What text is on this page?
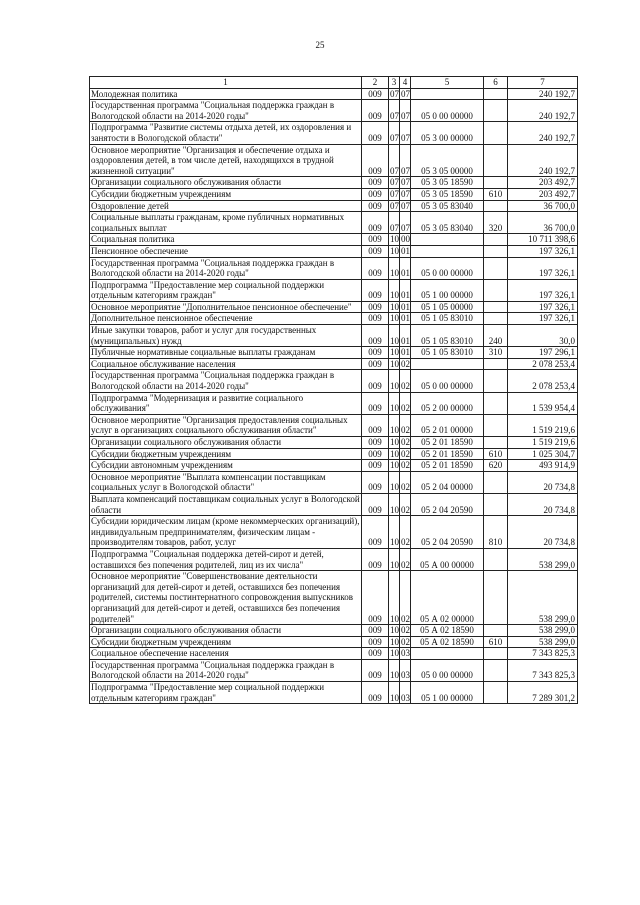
25
1	2	3	4	5	6	7
Молодежная политика	009	07	07			240 192,7
Государственная программа "Социальная поддержка граждан в Вологодской области на 2014-2020 годы"	009	07	07	05 0 00 00000		240 192,7
Подпрограмма "Развитие системы отдыха детей, их оздоровления и занятости в Вологодской области"	009	07	07	05 3 00 00000		240 192,7
Основное мероприятие "Организация и обеспечение отдыха и оздоровления детей, в том числе детей, находящихся в трудной жизненной ситуации"	009	07	07	05 3 05 00000		240 192,7
Организации социального обслуживания области	009	07	07	05 3 05 18590		203 492,7
Субсидии бюджетным учреждениям	009	07	07	05 3 05 18590	610	203 492,7
Оздоровление детей	009	07	07	05 3 05 83040		36 700,0
Социальные выплаты гражданам, кроме публичных нормативных социальных выплат	009	07	07	05 3 05 83040	320	36 700,0
Социальная политика	009	10	00			10 711 398,6
Пенсионное обеспечение	009	10	01			197 326,1
Государственная программа "Социальная поддержка граждан в Вологодской области на 2014-2020 годы"	009	10	01	05 0 00 00000		197 326,1
Подпрограмма "Предоставление мер социальной поддержки отдельным категориям граждан"	009	10	01	05 1 00 00000		197 326,1
Основное мероприятие "Дополнительное пенсионное обеспечение"	009	10	01	05 1 05 00000		197 326,1
Дополнительное пенсионное обеспечение	009	10	01	05 1 05 83010		197 326,1
Иные закупки товаров, работ и услуг для государственных (муниципальных) нужд	009	10	01	05 1 05 83010	240	30,0
Публичные нормативные социальные выплаты гражданам	009	10	01	05 1 05 83010	310	197 296,1
Социальное обслуживание населения	009	10	02			2 078 253,4
Государственная программа "Социальная поддержка граждан в Вологодской области на 2014-2020 годы"	009	10	02	05 0 00 00000		2 078 253,4
Подпрограмма "Модернизация и развитие социального обслуживания"	009	10	02	05 2 00 00000		1 539 954,4
Основное мероприятие "Организация предоставления социальных услуг в организациях социального обслуживания области"	009	10	02	05 2 01 00000		1 519 219,6
Организации социального обслуживания области	009	10	02	05 2 01 18590		1 519 219,6
Субсидии бюджетным учреждениям	009	10	02	05 2 01 18590	610	1 025 304,7
Субсидии автономным учреждениям	009	10	02	05 2 01 18590	620	493 914,9
Основное мероприятие "Выплата компенсации поставщикам социальных услуг в Вологодской области"	009	10	02	05 2 04 00000		20 734,8
Выплата компенсаций поставщикам социальных услуг в Вологодской области	009	10	02	05 2 04 20590		20 734,8
Субсидии юридическим лицам (кроме некоммерческих организаций), индивидуальным предпринимателям, физическим лицам - производителям товаров, работ, услуг	009	10	02	05 2 04 20590	810	20 734,8
Подпрограмма "Социальная поддержка детей-сирот и детей, оставшихся без попечения родителей, лиц из их числа"	009	10	02	05 А 00 00000		538 299,0
Основное мероприятие "Совершенствование деятельности организаций для детей-сирот и детей, оставшихся без попечения родителей, системы постинтернатного сопровождения выпускников организаций для детей-сирот и детей, оставшихся без попечения родителей"	009	10	02	05 А 02 00000		538 299,0
Организации социального обслуживания области	009	10	02	05 А 02 18590		538 299,0
Субсидии бюджетным учреждениям	009	10	02	05 А 02 18590	610	538 299,0
Социальное обеспечение населения	009	10	03			7 343 825,3
Государственная программа "Социальная поддержка граждан в Вологодской области на 2014-2020 годы"	009	10	03	05 0 00 00000		7 343 825,3
Подпрограмма "Предоставление мер социальной поддержки отдельным категориям граждан"	009	10	03	05 1 00 00000		7 289 301,2
